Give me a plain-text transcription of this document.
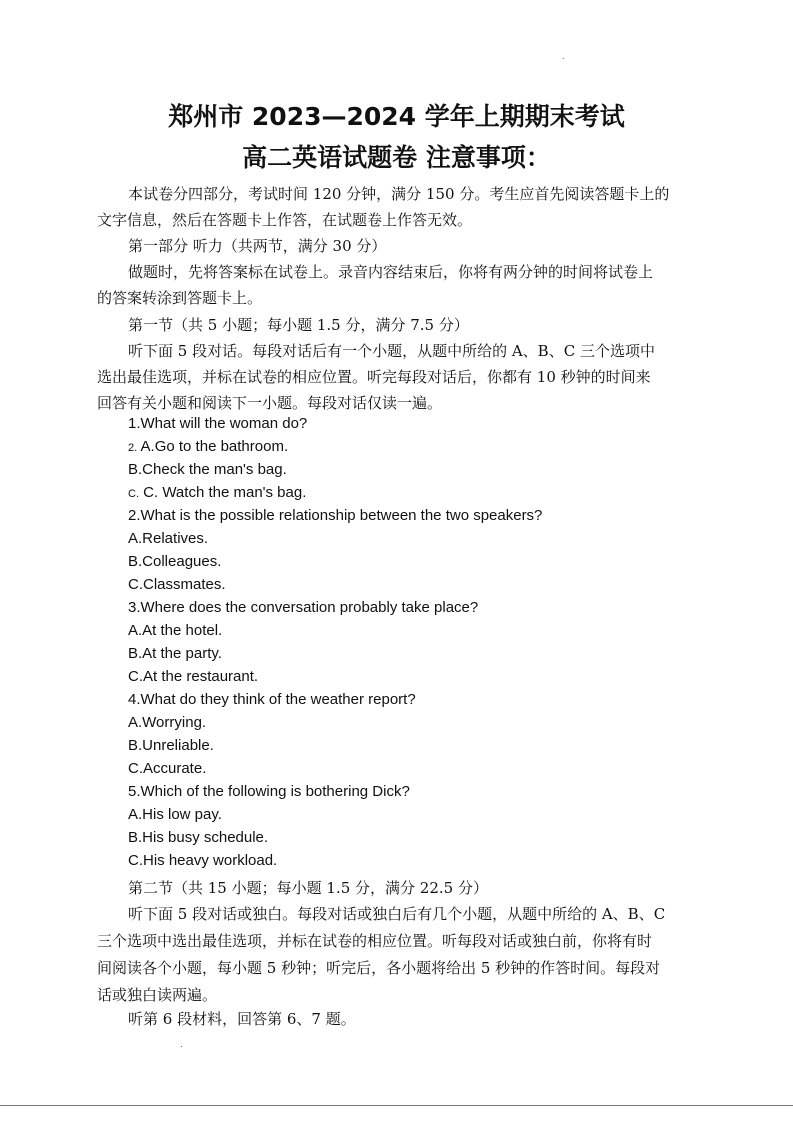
.
郑州市 2023—2024 学年上期期末考试
高二英语试题卷 注意事项：

本试卷分四部分，考试时间 120 分钟，满分 150 分。考生应首先阅读答题卡上的
文字信息，然后在答题卡上作答，在试题卷上作答无效。

第一部分 听力（共两节，满分 30 分）

做题时，先将答案标在试卷上。录音内容结束后，你将有两分钟的时间将试卷上
的答案转涂到答题卡上。

第一节（共 5 小题；每小题 1.5 分，满分 7.5 分）

听下面 5 段对话。每段对话后有一个小题，从题中所给的 A、B、C 三个选项中
选出最佳选项，并标在试卷的相应位置。听完每段对话后，你都有 10 秒钟的时间来
回答有关小题和阅读下一小题。每段对话仅读一遍。

1.What will the woman do?

2. A.Go to the bathroom.

B.Check the man's bag.

C. C. Watch the man's bag.

2.What is the possible relationship between the two speakers?

A.Relatives.

B.Colleagues.

C.Classmates.

3.Where does the conversation probably take place?

A.At the hotel.

B.At the party.

C.At the restaurant.

4.What do they think of the weather report?

A.Worrying.

B.Unreliable.

C.Accurate.

5.Which of the following is bothering Dick?

A.His low pay.

B.His busy schedule.

C.His heavy workload.

第二节（共 15 小题；每小题 1.5 分，满分 22.5 分）

听下面 5 段对话或独白。每段对话或独白后有几个小题，从题中所给的 A、B、C
三个选项中选出最佳选项，并标在试卷的相应位置。听每段对话或独白前，你将有时
间阅读各个小题，每小题 5 秒钟；听完后，各小题将给出 5 秒钟的作答时间。每段对
话或独白读两遍。

听第 6 段材料，回答第 6、7 题。

.
